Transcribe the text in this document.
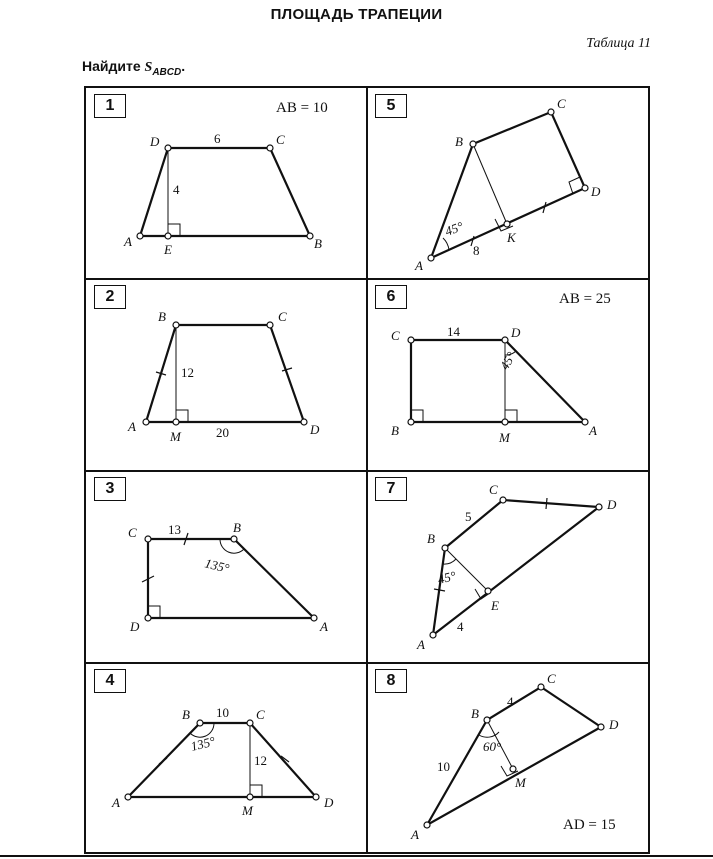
ПЛОЩАДЬ ТРАПЕЦИИ
Таблица 11
Найдите $S_{ABCD}$.
1	AB = 10
A	B
C
D
E
6
4
2
A
B	C
D
M
12
20
3
A
B
C
D
13
135°
4
A
B	C
D
M
10
12
135°
5
A
B
C
D
K
8
45°
6	AB = 25
A
B
C	D
M
14
45°
7
A
B
C
D
E
5
4
45°
8
AD = 15
A
B
C
D
M
4
10
60°
